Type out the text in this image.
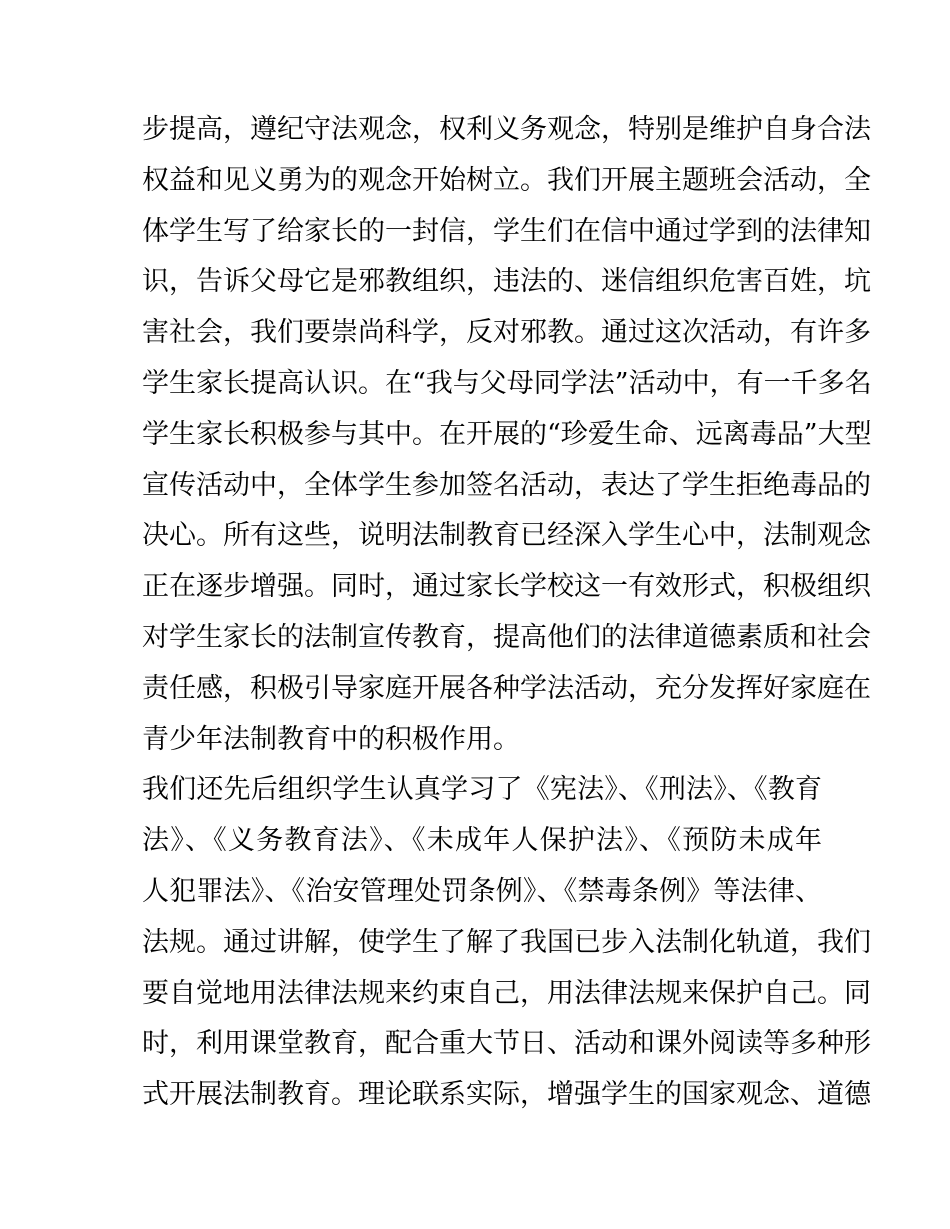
步提高，遵纪守法观念，权利义务观念，特别是维护自身合法
权益和见义勇为的观念开始树立。我们开展主题班会活动，全
体学生写了给家长的一封信，学生们在信中通过学到的法律知
识，告诉父母它是邪教组织，违法的、迷信组织危害百姓，坑
害社会，我们要崇尚科学，反对邪教。通过这次活动，有许多
学生家长提高认识。在“我与父母同学法”活动中，有一千多名
学生家长积极参与其中。在开展的“珍爱生命、远离毒品”大型
宣传活动中，全体学生参加签名活动，表达了学生拒绝毒品的
决心。所有这些，说明法制教育已经深入学生心中，法制观念
正在逐步增强。同时，通过家长学校这一有效形式，积极组织
对学生家长的法制宣传教育，提高他们的法律道德素质和社会
责任感，积极引导家庭开展各种学法活动，充分发挥好家庭在
青少年法制教育中的积极作用。
我们还先后组织学生认真学习了《宪法》、《刑法》、《教育
法》、《义务教育法》、《未成年人保护法》、《预防未成年
人犯罪法》、《治安管理处罚条例》、《禁毒条例》等法律、
法规。通过讲解，使学生了解了我国已步入法制化轨道，我们
要自觉地用法律法规来约束自己，用法律法规来保护自己。同
时，利用课堂教育，配合重大节日、活动和课外阅读等多种形
式开展法制教育。理论联系实际，增强学生的国家观念、道德
